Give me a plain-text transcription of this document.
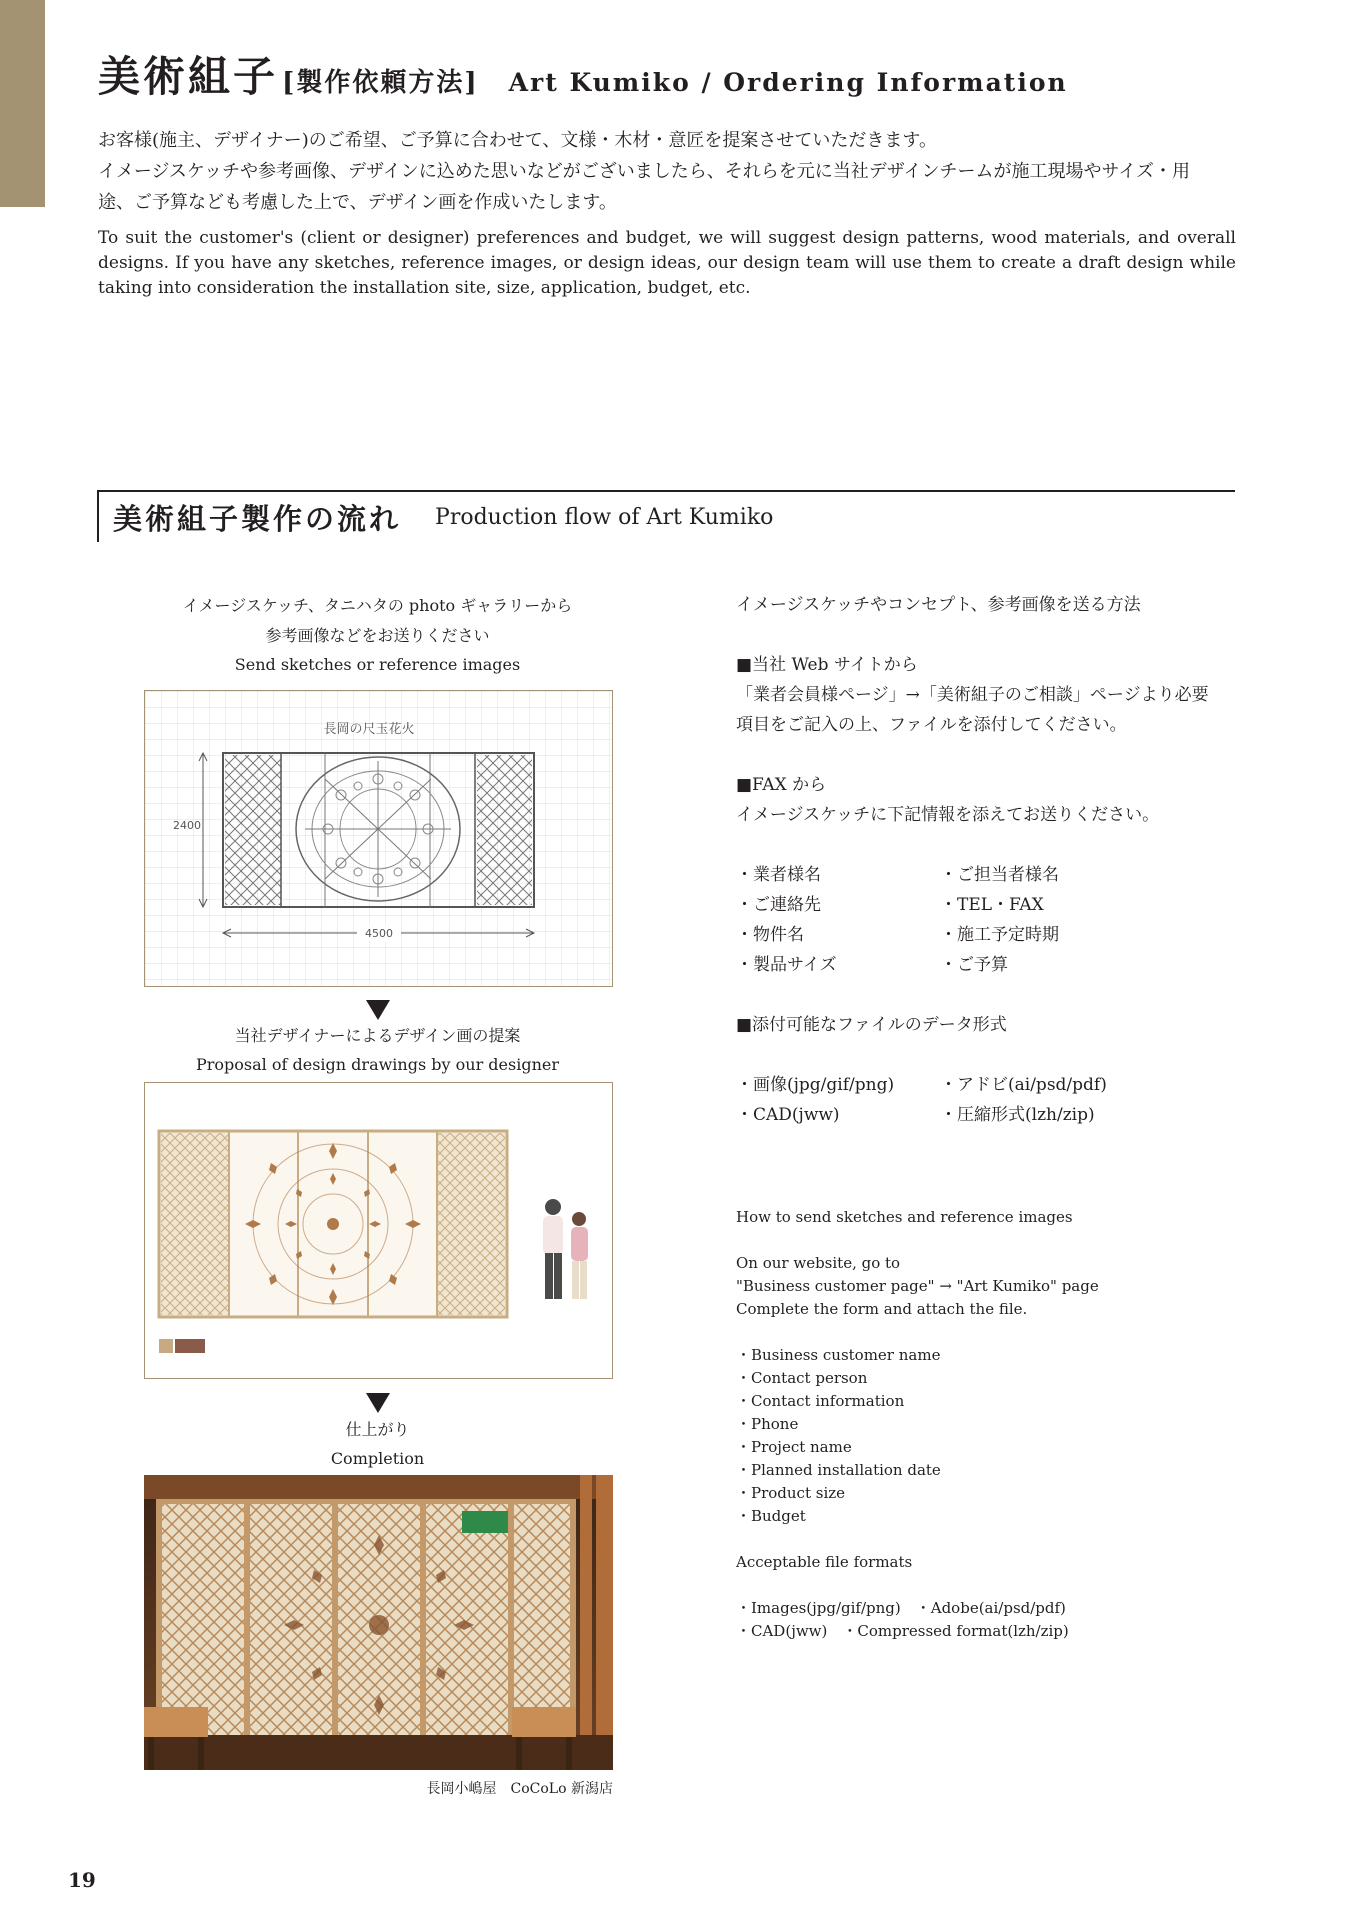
美術組子 [製作依頼方法] Art Kumiko / Ordering Information

お客様(施主、デザイナー)のご希望、ご予算に合わせて、文様・木材・意匠を提案させていただきます。

イメージスケッチや参考画像、デザインに込めた思いなどがございましたら、それらを元に当社デザインチームが施工現場やサイズ・用

途、ご予算なども考慮した上で、デザイン画を作成いたします。

To suit the customer's (client or designer) preferences and budget, we will suggest design patterns, wood materials, and overall designs. If you have any sketches, reference images, or design ideas, our design team will use them to create a draft design while taking into consideration the installation site, size, application, budget, etc.

美術組子製作の流れ Production flow of Art Kumiko
イメージスケッチ、タニハタの photo ギャラリーから
参考画像などをお送りください
Send sketches or reference images
長岡の尺玉花火
2400
4500
当社デザイナーによるデザイン画の提案
Proposal of design drawings by our designer
仕上がり
Completion
長岡小嶋屋　CoCoLo 新潟店
イメージスケッチやコンセプト、参考画像を送る方法
■当社 Web サイトから
「業者会員様ページ」→「美術組子のご相談」ページより必要
項目をご記入の上、ファイルを添付してください。
■FAX から
イメージスケッチに下記情報を添えてお送りください。
・業者様名	・ご担当者様名
・ご連絡先	・TEL・FAX
・物件名	・施工予定時期
・製品サイズ	・ご予算
■添付可能なファイルのデータ形式
・画像(jpg/gif/png)	・アドビ(ai/psd/pdf)
・CAD(jww)	・圧縮形式(lzh/zip)
How to send sketches and reference images
On our website, go to
"Business customer page" → "Art Kumiko" page
Complete the form and attach the file.
・Business customer name
・Contact person
・Contact information
・Phone
・Project name
・Planned installation date
・Product size
・Budget
Acceptable file formats
・Images(jpg/gif/png)　・Adobe(ai/psd/pdf)
・CAD(jww)　・Compressed format(lzh/zip)
19
